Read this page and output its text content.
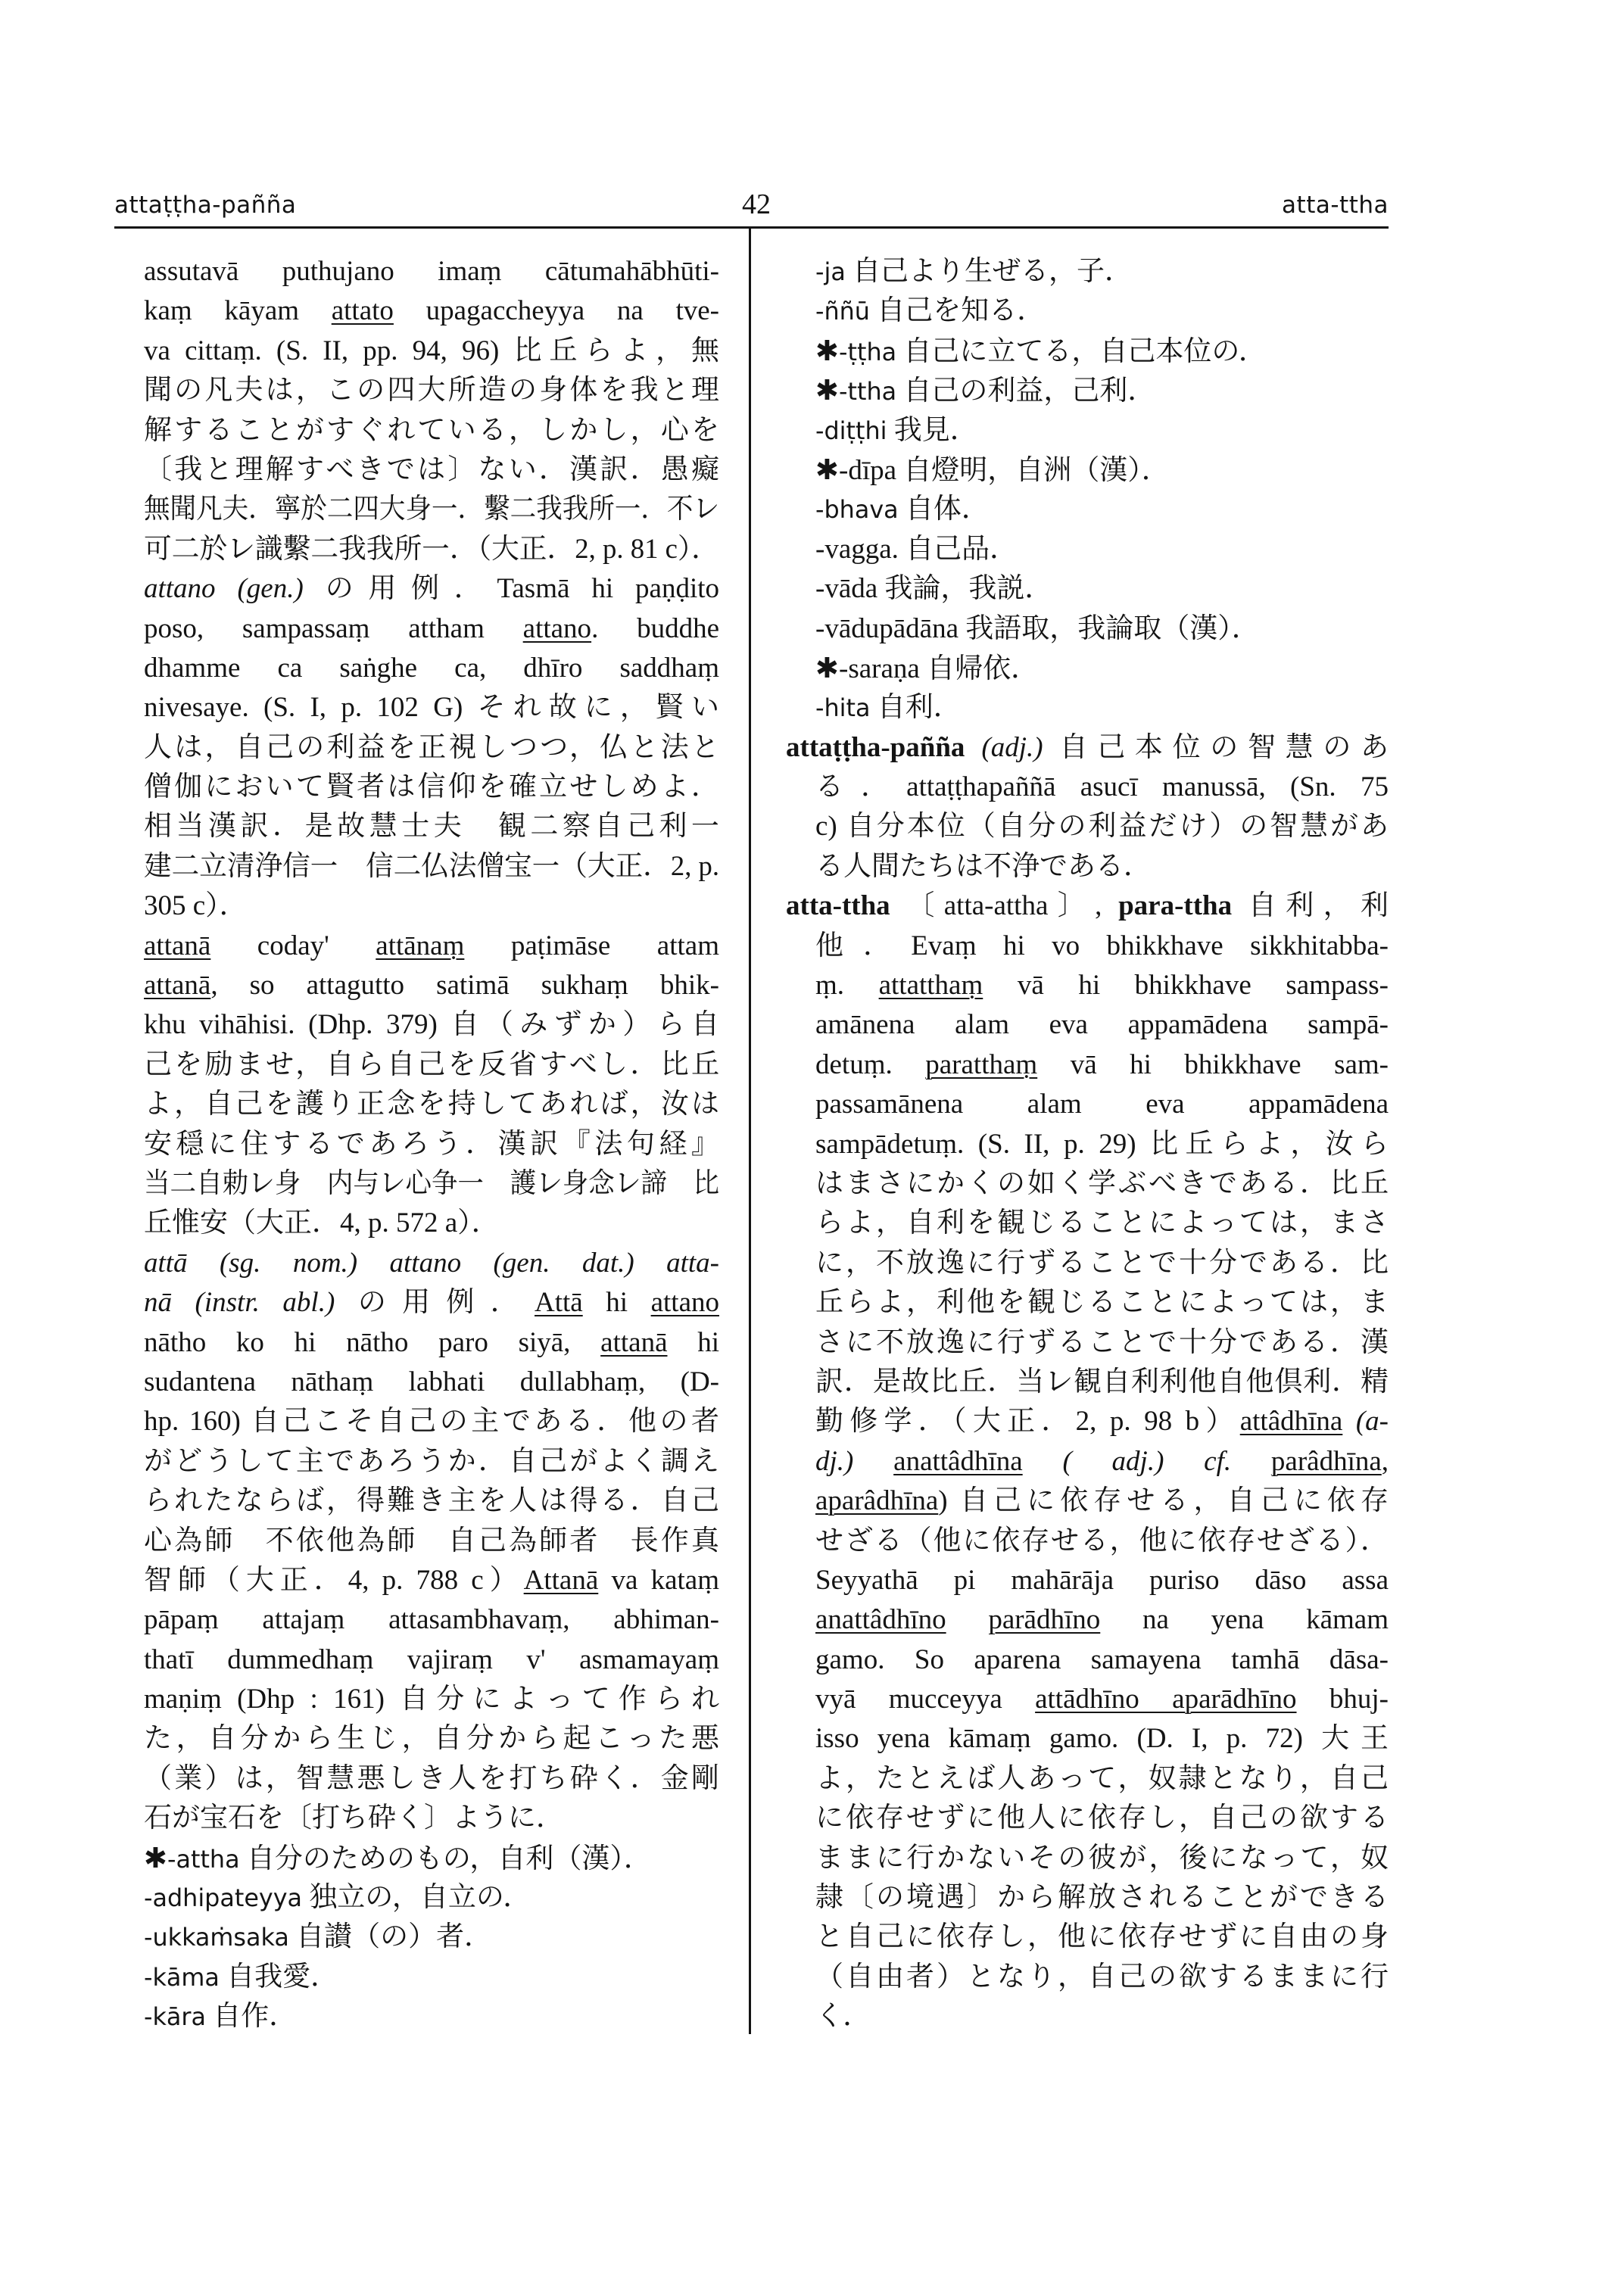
attaṭṭha-pañña	42	atta-ttha
assutavā puthujano imaṃ cātumahābhūti-
kaṃ kāyam attato upagaccheyya na tve-
va cittaṃ. (S. II, pp. 94, 96) 比丘らよ，無
聞の凡夫は，この四大所造の身体を我と理
解することがすぐれている，しかし，心を
〔我と理解すべきでは〕ない．漢訳．愚癡
無聞凡夫．寧於㆓四大身㆒．繫㆓我我所㆒．不㆑
可㆓於㆑識繫㆓我我所㆒．（大正．2, p. 81 c）．
attano (gen.) の用例．Tasmā hi paṇḍito
poso, sampassaṃ attham attano. buddhe
dhamme ca saṅghe ca, dhīro saddhaṃ
nivesaye. (S. I, p. 102 G) それ故に，賢い
人は，自己の利益を正視しつつ，仏と法と
僧伽において賢者は信仰を確立せしめよ．
相当漢訳．是故慧士夫　観㆓察自己利㆒
建㆓立清浄信㆒　信㆓仏法僧宝㆒（大正．2, p.
305 c）．
attanā coday' attānaṃ paṭimāse attam
attanā, so attagutto satimā sukhaṃ bhik-
khu vihāhisi. (Dhp. 379) 自（みずか）ら自
己を励ませ，自ら自己を反省すべし．比丘
よ，自己を護り正念を持してあれば，汝は
安穏に住するであろう．漢訳『法句経』
当㆓自勅㆑身　内与㆑心争㆒　護㆑身念㆑諦　比
丘惟安（大正．4, p. 572 a）．
attā (sg. nom.) attano (gen. dat.) atta-
nā (instr. abl.) の用例．Attā hi attano
nātho ko hi nātho paro siyā, attanā hi
sudantena nāthaṃ labhati dullabhaṃ, (D-
hp. 160) 自己こそ自己の主である．他の者
がどうして主であろうか．自己がよく調え
られたならば，得難き主を人は得る．自己
心為師　不依他為師　自己為師者　長作真
智師（大正．4, p. 788 c）Attanā va kataṃ
pāpaṃ attajaṃ attasambhavaṃ, abhiman-
thatī dummedhaṃ vajiraṃ v' asmamayaṃ
maṇiṃ (Dhp : 161) 自分によって作られ
た，自分から生じ，自分から起こった悪
（業）は，智慧悪しき人を打ち砕く．金剛
石が宝石を〔打ち砕く〕ように．
✱-attha 自分のためのもの，自利（漢）．
-adhipateyya 独立の，自立の．
-ukkaṁsaka 自讃（の）者．
-kāma 自我愛．
-kāra 自作．
-ja 自己より生ぜる，子．
-ññū 自己を知る．
✱-ṭṭha 自己に立てる，自己本位の．
✱-ttha 自己の利益，己利．
-diṭṭhi 我見．
✱-dīpa 自燈明，自洲（漢）．
-bhava 自体．
-vagga. 自己品．
-vāda 我論，我説．
-vādupādāna 我語取，我論取（漢）．
✱-saraṇa 自帰依．
-hita 自利．
attaṭṭha-pañña (adj.) 自己本位の智慧のあ
る．attaṭṭhapaññā asucī manussā, (Sn. 75
c) 自分本位（自分の利益だけ）の智慧があ
る人間たちは不浄である．
atta-ttha 〔atta-attha〕, para-ttha 自利，利
他．Evaṃ hi vo bhikkhave sikkhitabba-
ṃ. attatthaṃ vā hi bhikkhave sampass-
amānena alam eva appamādena sampā-
detuṃ. paratthaṃ vā hi bhikkhave sam-
passamānena alam eva appamādena
sampādetuṃ. (S. II, p. 29) 比丘らよ，汝ら
はまさにかくの如く学ぶべきである．比丘
らよ，自利を観じることによっては，まさ
に，不放逸に行ずることで十分である．比
丘らよ，利他を観じることによっては，ま
さに不放逸に行ずることで十分である．漢
訳．是故比丘．当㆑観自利利他自他倶利．精
勤修学．（大正．2, p. 98 b）attâdhīna (a-
dj.) anattâdhīna ( adj.) cf. parâdhīna,
aparâdhīna) 自己に依存せる，自己に依存
せざる（他に依存せる，他に依存せざる）．
Seyyathā pi mahārāja puriso dāso assa
anattâdhīno parādhīno na yena kāmam
gamo. So aparena samayena tamhā dāsa-
vyā mucceyya attādhīno aparādhīno bhuj-
isso yena kāmaṃ gamo. (D. I, p. 72) 大王
よ，たとえば人あって，奴隷となり，自己
に依存せずに他人に依存し，自己の欲する
ままに行かないその彼が，後になって，奴
隷〔の境遇〕から解放されることができる
と自己に依存し，他に依存せずに自由の身
（自由者）となり，自己の欲するままに行
く．
